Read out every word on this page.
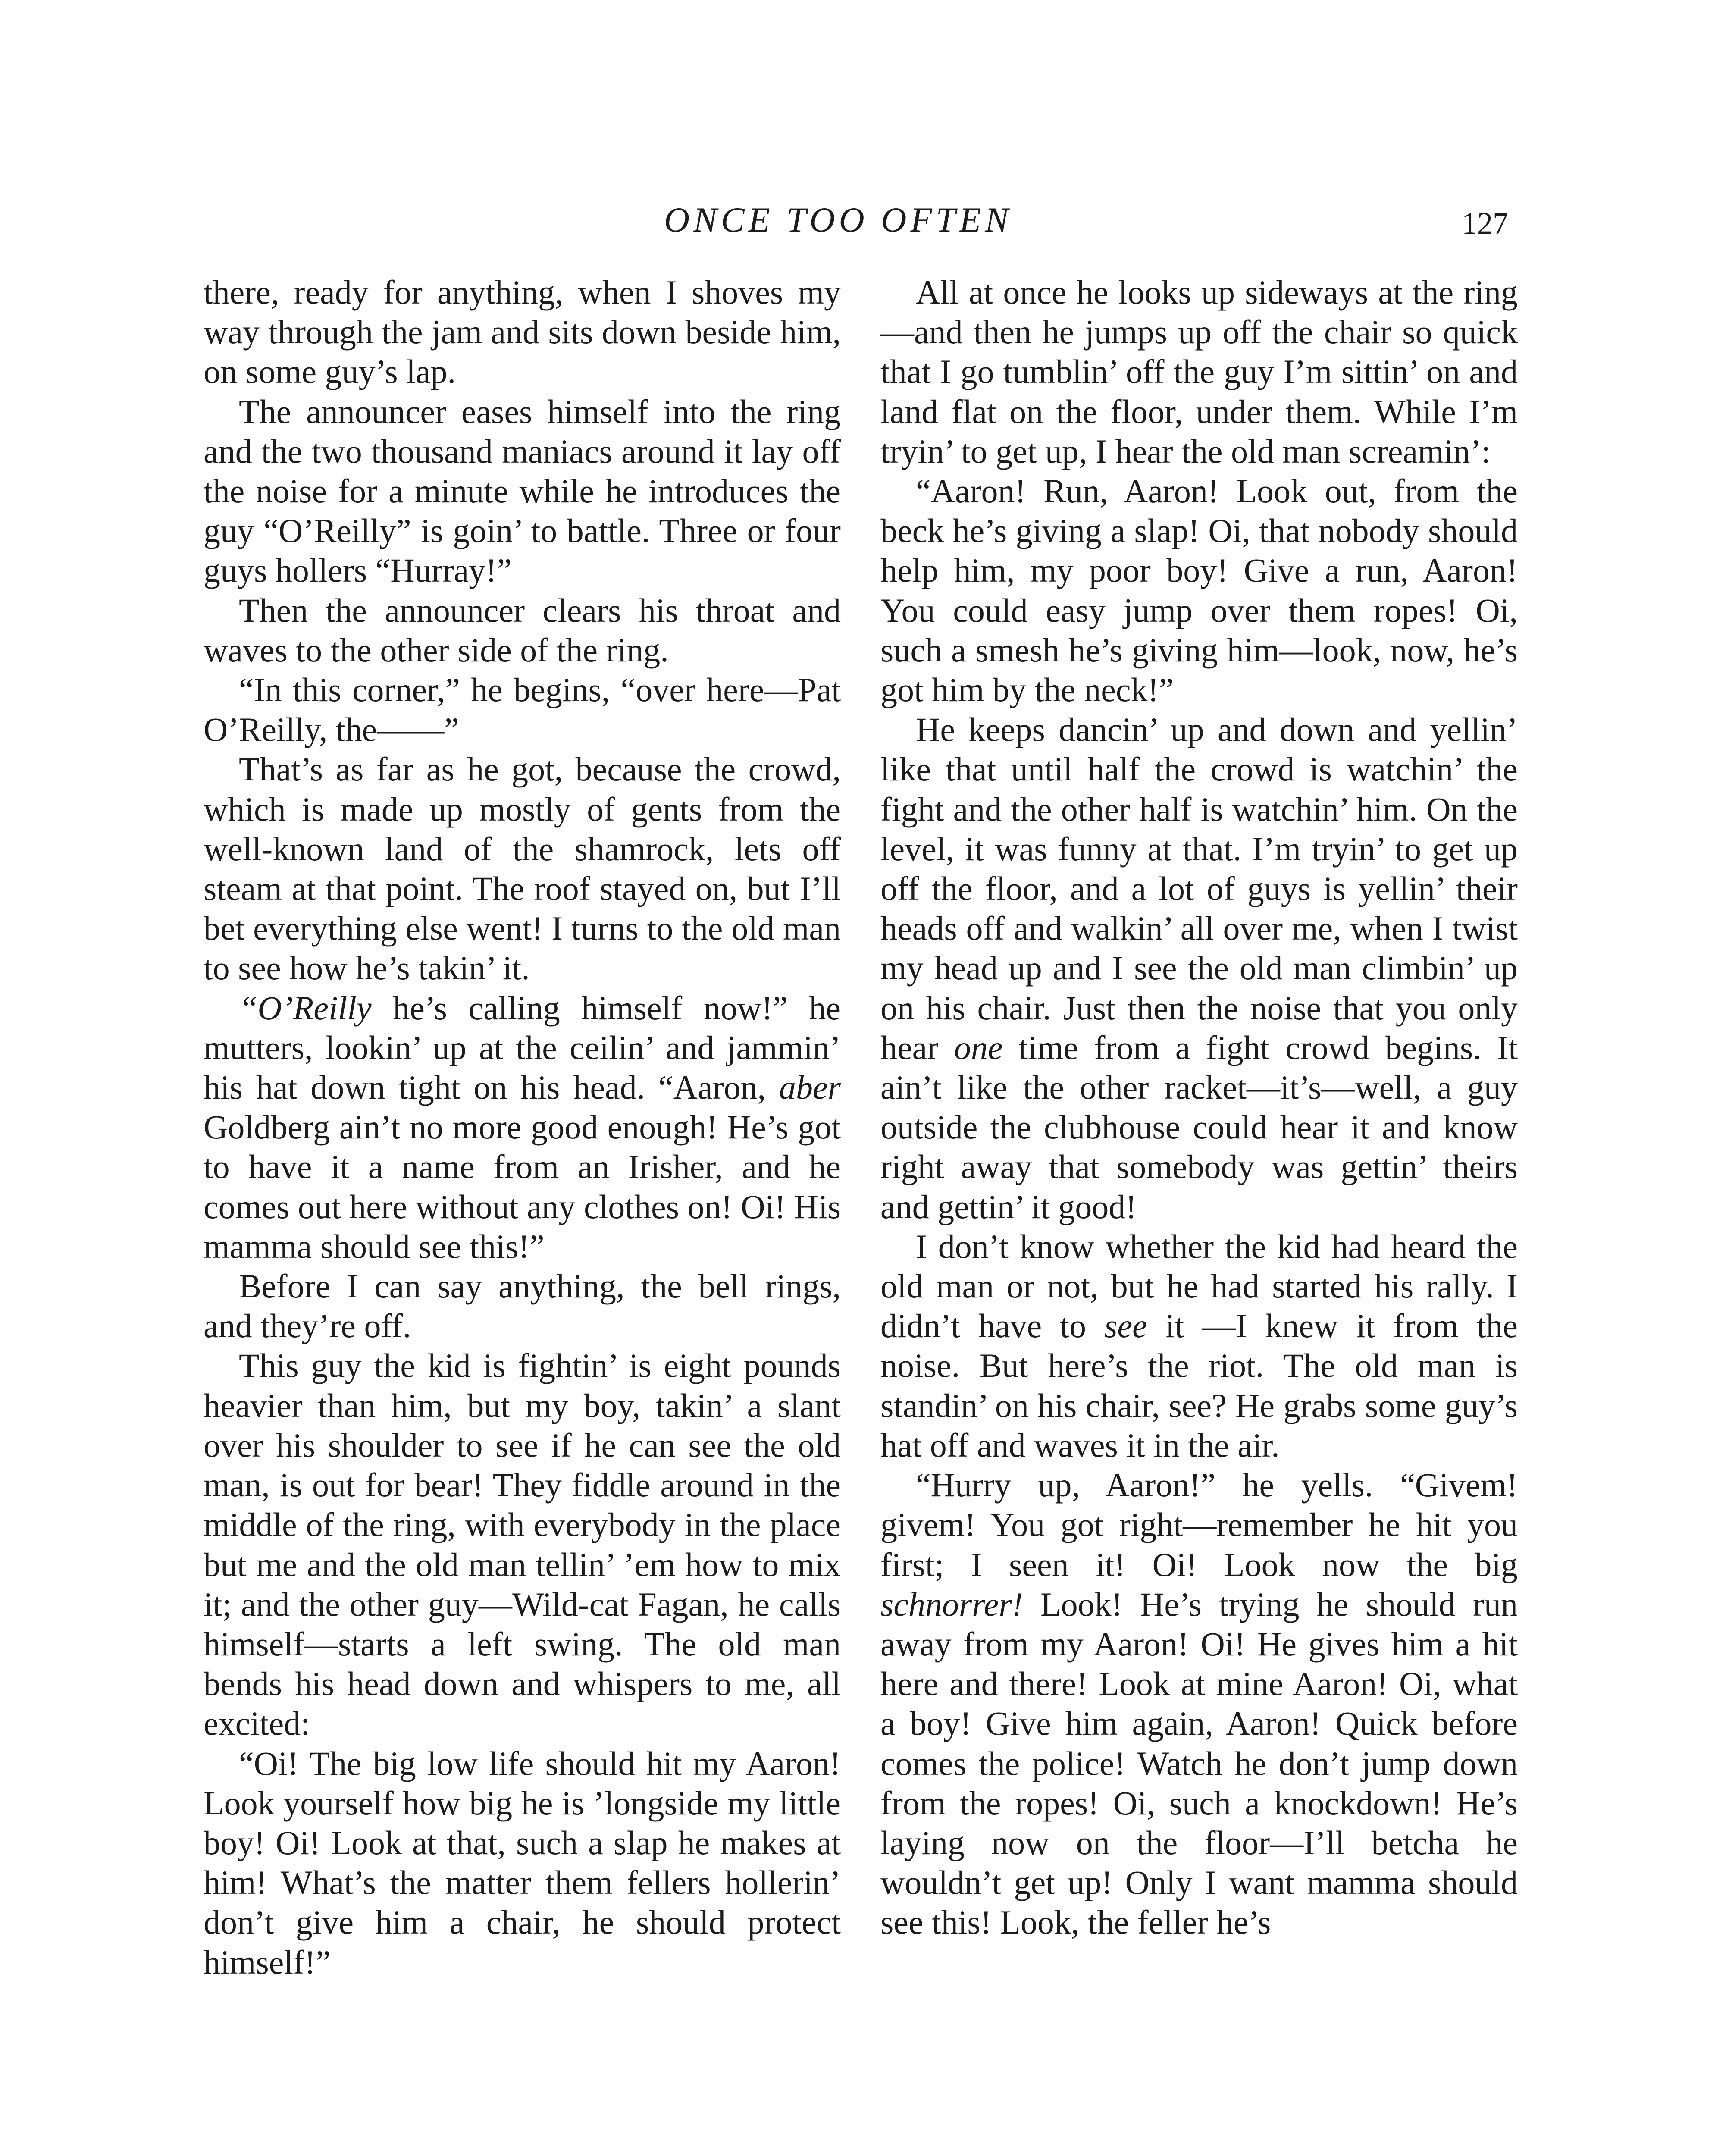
ONCE TOO OFTEN	127

there, ready for anything, when I shoves my way through the jam and sits down beside him, on some guy’s lap.

The announcer eases himself into the ring and the two thousand maniacs around it lay off the noise for a minute while he introduces the guy “O’Reilly” is goin’ to battle. Three or four guys hollers “Hurray!”

Then the announcer clears his throat and waves to the other side of the ring.

“In this corner,” he begins, “over here—Pat O’Reilly, the——”

That’s as far as he got, because the crowd, which is made up mostly of gents from the well-known land of the shamrock, lets off steam at that point. The roof stayed on, but I’ll bet everything else went! I turns to the old man to see how he’s takin’ it.

“O’Reilly he’s calling himself now!” he mutters, lookin’ up at the ceilin’ and jammin’ his hat down tight on his head. “Aaron, aber Goldberg ain’t no more good enough! He’s got to have it a name from an Irisher, and he comes out here without any clothes on! Oi! His mamma should see this!”

Before I can say anything, the bell rings, and they’re off.

This guy the kid is fightin’ is eight pounds heavier than him, but my boy, takin’ a slant over his shoulder to see if he can see the old man, is out for bear! They fiddle around in the middle of the ring, with everybody in the place but me and the old man tellin’ ’em how to mix it; and the other guy—Wild-cat Fagan, he calls himself—starts a left swing. The old man bends his head down and whispers to me, all excited:

“Oi! The big low life should hit my Aaron! Look yourself how big he is ’longside my little boy! Oi! Look at that, such a slap he makes at him! What’s the matter them fellers hollerin’ don’t give him a chair, he should protect himself!”

All at once he looks up sideways at the ring—and then he jumps up off the chair so quick that I go tumblin’ off the guy I’m sittin’ on and land flat on the floor, under them. While I’m tryin’ to get up, I hear the old man screamin’:

“Aaron! Run, Aaron! Look out, from the beck he’s giving a slap! Oi, that nobody should help him, my poor boy! Give a run, Aaron! You could easy jump over them ropes! Oi, such a smesh he’s giving him—look, now, he’s got him by the neck!”

He keeps dancin’ up and down and yellin’ like that until half the crowd is watchin’ the fight and the other half is watchin’ him. On the level, it was funny at that. I’m tryin’ to get up off the floor, and a lot of guys is yellin’ their heads off and walkin’ all over me, when I twist my head up and I see the old man climbin’ up on his chair. Just then the noise that you only hear one time from a fight crowd begins. It ain’t like the other racket—it’s—well, a guy outside the clubhouse could hear it and know right away that somebody was gettin’ theirs and gettin’ it good!

I don’t know whether the kid had heard the old man or not, but he had started his rally. I didn’t have to see it —I knew it from the noise. But here’s the riot. The old man is standin’ on his chair, see? He grabs some guy’s hat off and waves it in the air.

“Hurry up, Aaron!” he yells. “Givem! givem! You got right—remember he hit you first; I seen it! Oi! Look now the big schnorrer! Look! He’s trying he should run away from my Aaron! Oi! He gives him a hit here and there! Look at mine Aaron! Oi, what a boy! Give him again, Aaron! Quick before comes the police! Watch he don’t jump down from the ropes! Oi, such a knockdown! He’s laying now on the floor—I’ll betcha he wouldn’t get up! Only I want mamma should see this! Look, the feller he’s
